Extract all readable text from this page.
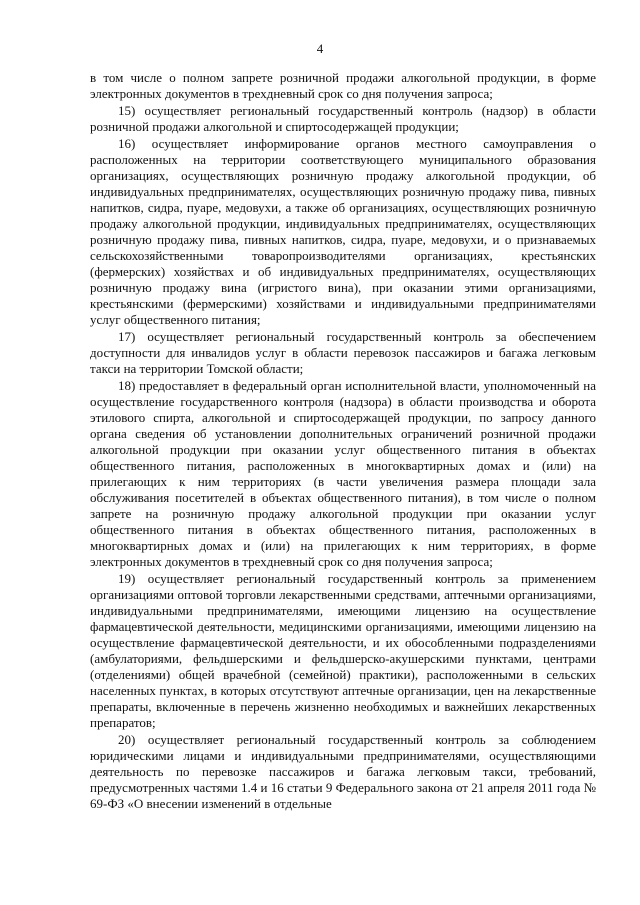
4

в том числе о полном запрете розничной продажи алкогольной продукции, в форме электронных документов в трехдневный срок со дня получения запроса;

15) осуществляет региональный государственный контроль (надзор) в области розничной продажи алкогольной и спиртосодержащей продукции;

16) осуществляет информирование органов местного самоуправления о расположенных на территории соответствующего муниципального образования организациях, осуществляющих розничную продажу алкогольной продукции, об индивидуальных предпринимателях, осуществляющих розничную продажу пива, пивных напитков, сидра, пуаре, медовухи, а также об организациях, осуществляющих розничную продажу алкогольной продукции, индивидуальных предпринимателях, осуществляющих розничную продажу пива, пивных напитков, сидра, пуаре, медовухи, и о признаваемых сельскохозяйственными товаропроизводителями организациях, крестьянских (фермерских) хозяйствах и об индивидуальных предпринимателях, осуществляющих розничную продажу вина (игристого вина), при оказании этими организациями, крестьянскими (фермерскими) хозяйствами и индивидуальными предпринимателями услуг общественного питания;

17) осуществляет региональный государственный контроль за обеспечением доступности для инвалидов услуг в области перевозок пассажиров и багажа легковым такси на территории Томской области;

18) предоставляет в федеральный орган исполнительной власти, уполномоченный на осуществление государственного контроля (надзора) в области производства и оборота этилового спирта, алкогольной и спиртосодержащей продукции, по запросу данного органа сведения об установлении дополнительных ограничений розничной продажи алкогольной продукции при оказании услуг общественного питания в объектах общественного питания, расположенных в многоквартирных домах и (или) на прилегающих к ним территориях (в части увеличения размера площади зала обслуживания посетителей в объектах общественного питания), в том числе о полном запрете на розничную продажу алкогольной продукции при оказании услуг общественного питания в объектах общественного питания, расположенных в многоквартирных домах и (или) на прилегающих к ним территориях, в форме электронных документов в трехдневный срок со дня получения запроса;

19) осуществляет региональный государственный контроль за применением организациями оптовой торговли лекарственными средствами, аптечными организациями, индивидуальными предпринимателями, имеющими лицензию на осуществление фармацевтической деятельности, медицинскими организациями, имеющими лицензию на осуществление фармацевтической деятельности, и их обособленными подразделениями (амбулаториями, фельдшерскими и фельдшерско-акушерскими пунктами, центрами (отделениями) общей врачебной (семейной) практики), расположенными в сельских населенных пунктах, в которых отсутствуют аптечные организации, цен на лекарственные препараты, включенные в перечень жизненно необходимых и важнейших лекарственных препаратов;

20) осуществляет региональный государственный контроль за соблюдением юридическими лицами и индивидуальными предпринимателями, осуществляющими деятельность по перевозке пассажиров и багажа легковым такси, требований, предусмотренных частями 1.4 и 16 статьи 9 Федерального закона от 21 апреля 2011 года № 69-ФЗ «О внесении изменений в отдельные
